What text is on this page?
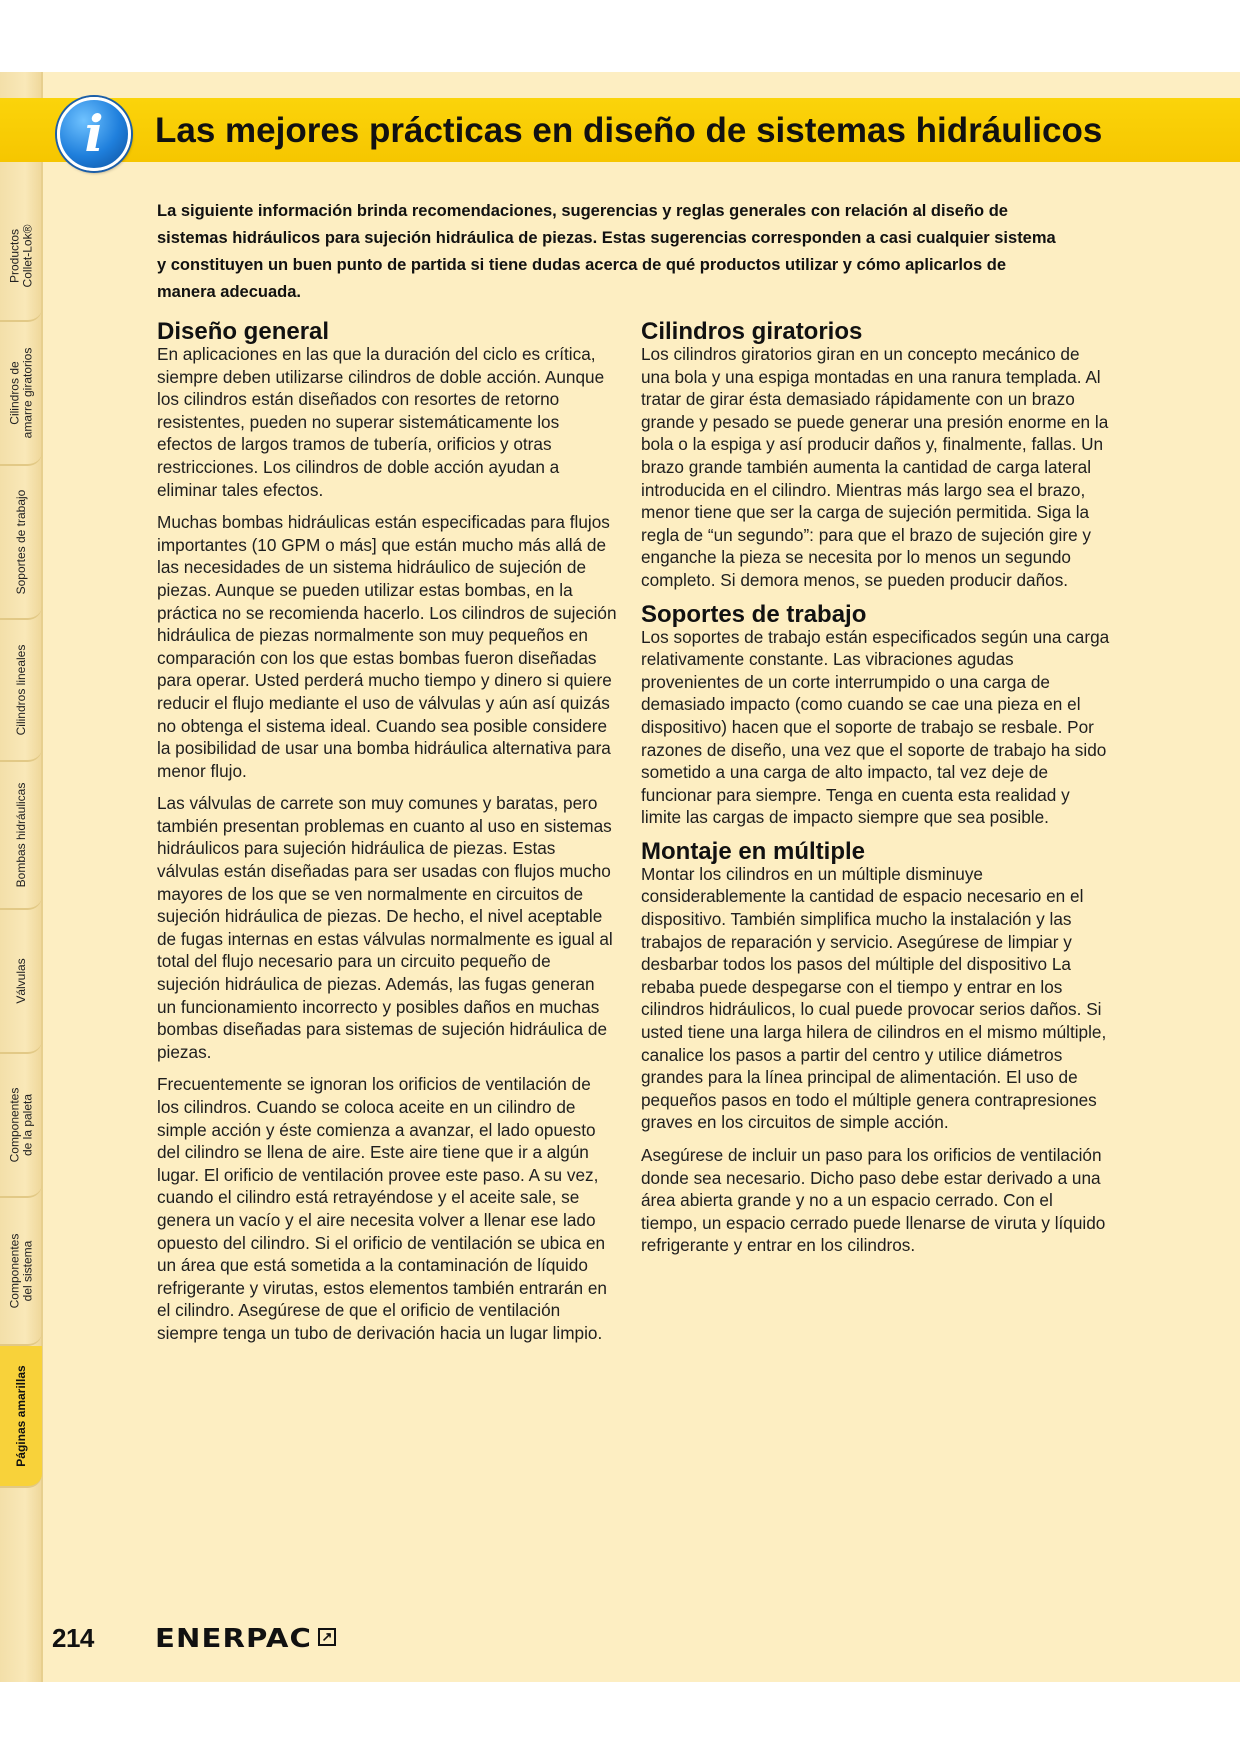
Productos
Collet-Lok®
Cilindros de
amarre giratorios
Soportes de trabajo
Cilindros lineales
Bombas hidráulicas
Válvulas
Componentes
de la paleta
Componentes
del sistema
Páginas amarillas
i	Las mejores prácticas en diseño de sistemas hidráulicos

La siguiente información brinda recomendaciones, sugerencias y reglas generales con relación al diseño de sistemas hidráulicos para sujeción hidráulica de piezas. Estas sugerencias corresponden a casi cualquier sistema y constituyen un buen punto de partida si tiene dudas acerca de qué productos utilizar y cómo aplicarlos de manera adecuada.

Diseño general

En aplicaciones en las que la duración del ciclo es crítica, siempre deben utilizarse cilindros de doble acción. Aunque los cilindros están diseñados con resortes de retorno resistentes, pueden no superar sistemáticamente los efectos de largos tramos de tubería, orificios y otras restricciones. Los cilindros de doble acción ayudan a eliminar tales efectos.

Muchas bombas hidráulicas están especificadas para flujos importantes (10 GPM o más] que están mucho más allá de las necesidades de un sistema hidráulico de sujeción de piezas. Aunque se pueden utilizar estas bombas, en la práctica no se recomienda hacerlo. Los cilindros de sujeción hidráulica de piezas normalmente son muy pequeños en comparación con los que estas bombas fueron diseñadas para operar. Usted perderá mucho tiempo y dinero si quiere reducir el flujo mediante el uso de válvulas y aún así quizás no obtenga el sistema ideal. Cuando sea posible considere la posibilidad de usar una bomba hidráulica alternativa para menor flujo.

Las válvulas de carrete son muy comunes y baratas, pero también presentan problemas en cuanto al uso en sistemas hidráulicos para sujeción hidráulica de piezas. Estas válvulas están diseñadas para ser usadas con flujos mucho mayores de los que se ven normalmente en circuitos de sujeción hidráulica de piezas. De hecho, el nivel aceptable de fugas internas en estas válvulas normalmente es igual al total del flujo necesario para un circuito pequeño de sujeción hidráulica de piezas. Además, las fugas generan un funcionamiento incorrecto y posibles daños en muchas bombas diseñadas para sistemas de sujeción hidráulica de piezas.

Frecuentemente se ignoran los orificios de ventilación de los cilindros. Cuando se coloca aceite en un cilindro de simple acción y éste comienza a avanzar, el lado opuesto del cilindro se llena de aire. Este aire tiene que ir a algún lugar. El orificio de ventilación provee este paso. A su vez, cuando el cilindro está retrayéndose y el aceite sale, se genera un vacío y el aire necesita volver a llenar ese lado opuesto del cilindro. Si el orificio de ventilación se ubica en un área que está sometida a la contaminación de líquido refrigerante y virutas, estos elementos también entrarán en el cilindro. Asegúrese de que el orificio de ventilación siempre tenga un tubo de derivación hacia un lugar limpio.

Cilindros giratorios

Los cilindros giratorios giran en un concepto mecánico de una bola y una espiga montadas en una ranura templada. Al tratar de girar ésta demasiado rápidamente con un brazo grande y pesado se puede generar una presión enorme en la bola o la espiga y así producir daños y, finalmente, fallas. Un brazo grande también aumenta la cantidad de carga lateral introducida en el cilindro. Mientras más largo sea el brazo, menor tiene que ser la carga de sujeción permitida. Siga la regla de “un segundo”: para que el brazo de sujeción gire y enganche la pieza se necesita por lo menos un segundo completo. Si demora menos, se pueden producir daños.

Soportes de trabajo

Los soportes de trabajo están especificados según una carga relativamente constante. Las vibraciones agudas provenientes de un corte interrumpido o una carga de demasiado impacto (como cuando se cae una pieza en el dispositivo) hacen que el soporte de trabajo se resbale. Por razones de diseño, una vez que el soporte de trabajo ha sido sometido a una carga de alto impacto, tal vez deje de funcionar para siempre. Tenga en cuenta esta realidad y limite las cargas de impacto siempre que sea posible.

Montaje en múltiple

Montar los cilindros en un múltiple disminuye considerablemente la cantidad de espacio necesario en el dispositivo. También simplifica mucho la instalación y las trabajos de reparación y servicio. Asegúrese de limpiar y desbarbar todos los pasos del múltiple del dispositivo La rebaba puede despegarse con el tiempo y entrar en los cilindros hidráulicos, lo cual puede provocar serios daños. Si usted tiene una larga hilera de cilindros en el mismo múltiple, canalice los pasos a partir del centro y utilice diámetros grandes para la línea principal de alimentación. El uso de pequeños pasos en todo el múltiple genera contrapresiones graves en los circuitos de simple acción.

Asegúrese de incluir un paso para los orificios de ventilación donde sea necesario. Dicho paso debe estar derivado a una área abierta grande y no a un espacio cerrado. Con el tiempo, un espacio cerrado puede llenarse de viruta y líquido refrigerante y entrar en los cilindros.

214 ENERPAC ↗
